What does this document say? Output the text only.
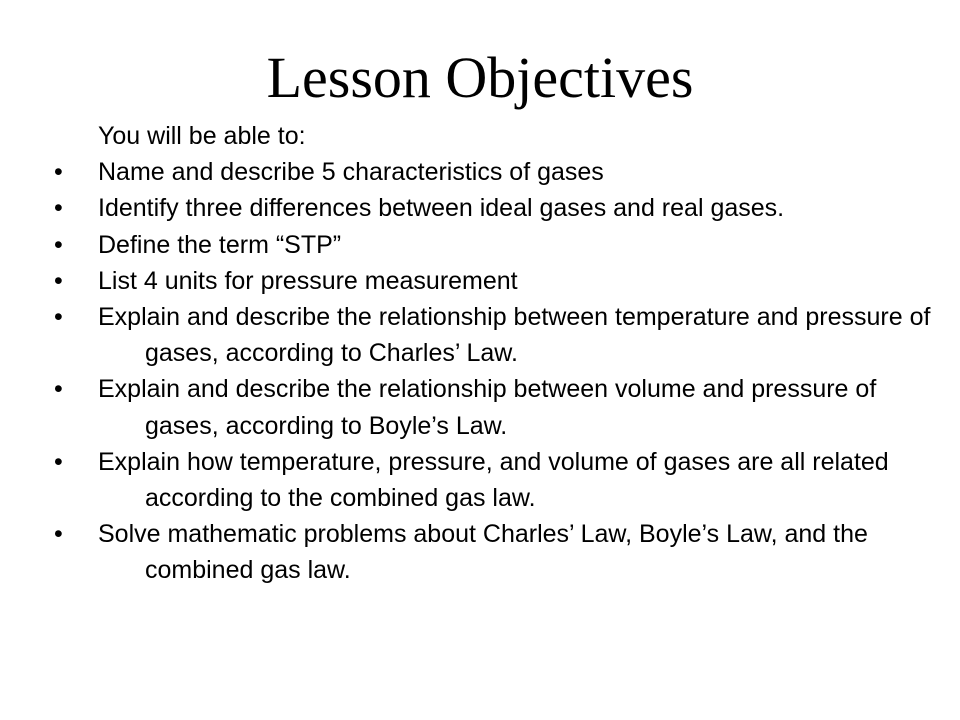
Lesson Objectives

You will be able to:

•	Name and describe 5 characteristics of gases
•	Identify three differences between ideal gases and real gases.
•	Define the term “STP”
•	List 4 units for pressure measurement
•	Explain and describe the relationship between temperature and pressure of gases, according to Charles’ Law.
•	Explain and describe the relationship between volume and pressure of gases, according to Boyle’s Law.
•	Explain how temperature, pressure, and volume of gases are all related according to the combined gas law.
•	Solve mathematic problems about Charles’ Law, Boyle’s Law, and the combined gas law.
